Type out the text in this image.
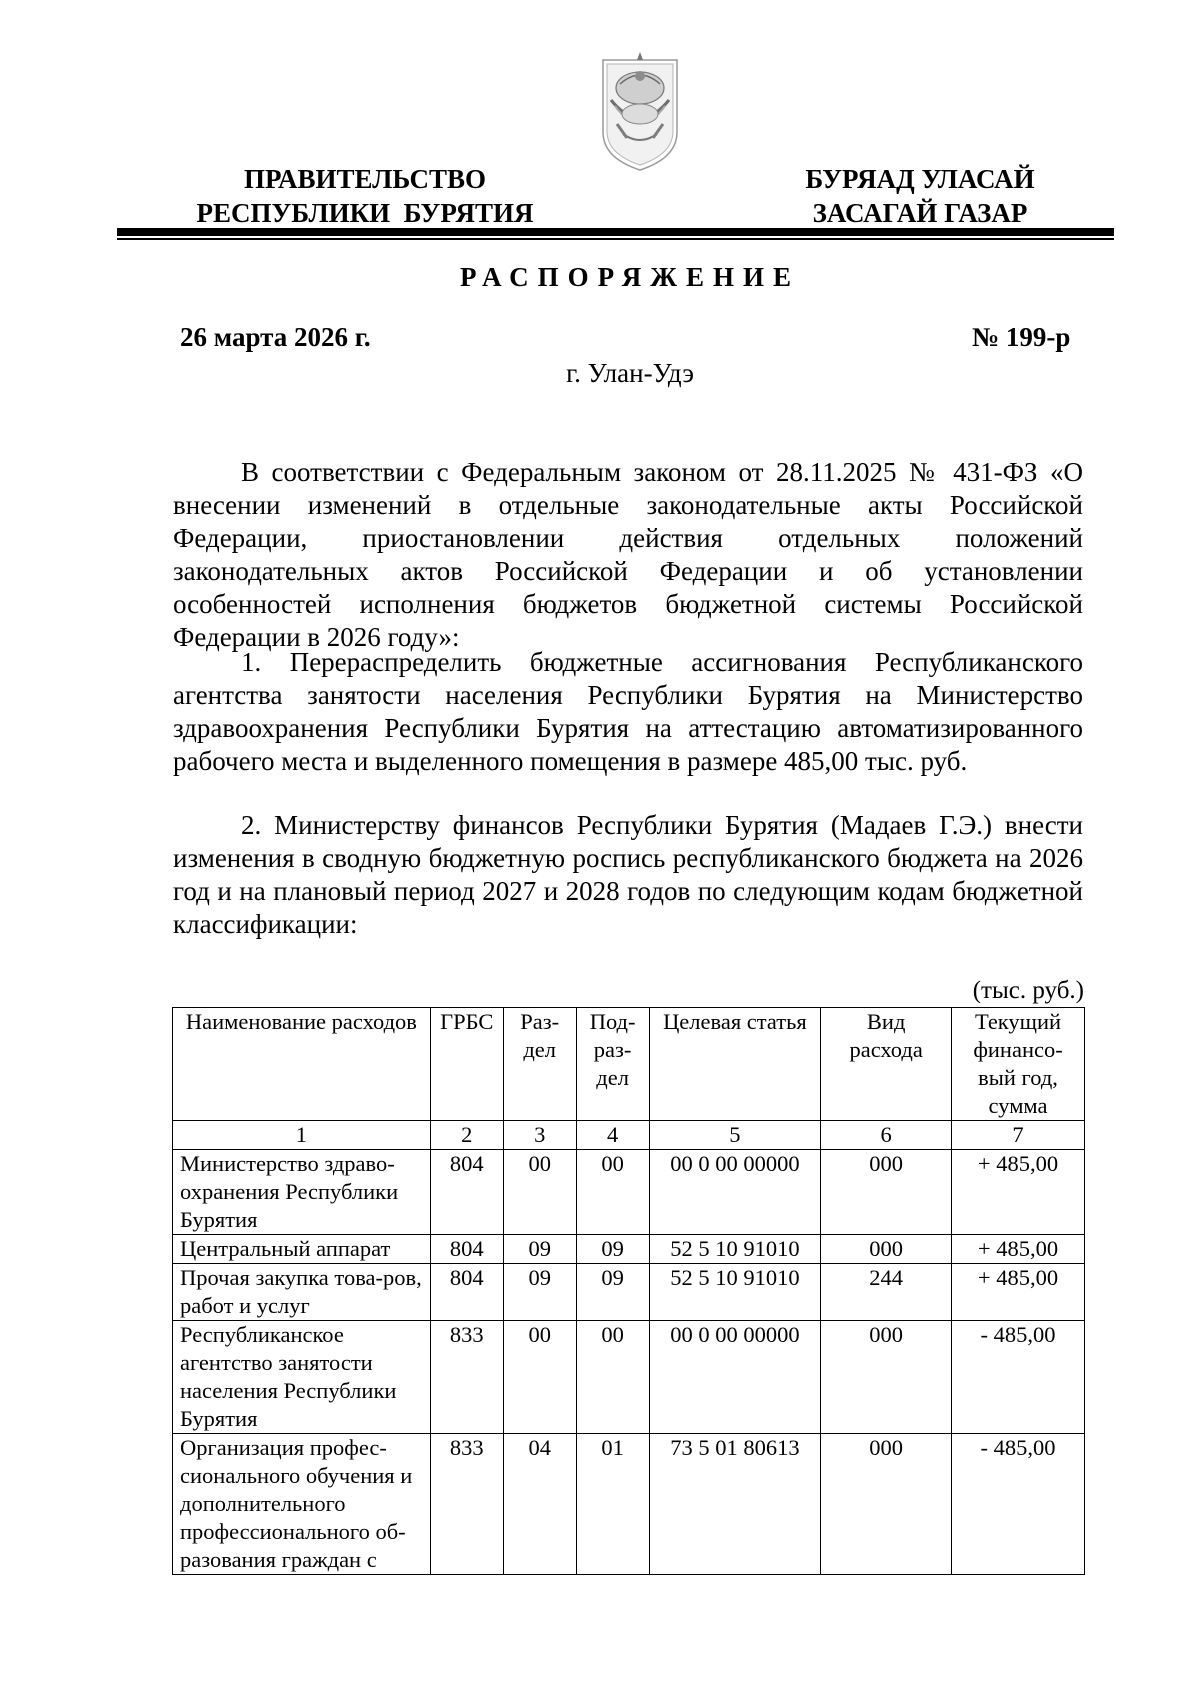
ПРАВИТЕЛЬСТВО
РЕСПУБЛИКИ  БУРЯТИЯ
БУРЯАД УЛАСАЙ
ЗАСАГАЙ ГАЗАР
РАСПОРЯЖЕНИЕ
26 марта 2026 г.	№ 199-р
г. Улан-Удэ

В соответствии с Федеральным законом от 28.11.2025 № 431-ФЗ «О внесении изменений в отдельные законодательные акты Российской Федерации, приостановлении действия отдельных положений законодательных актов Российской Федерации и об установлении особенностей исполнения бюджетов бюджетной системы Российской Федерации в 2026 году»:

1. Перераспределить бюджетные ассигнования Республиканского агентства занятости населения Республики Бурятия на Министерство здравоохранения Республики Бурятия на аттестацию автоматизированного рабочего места и выделенного помещения в размере 485,00 тыс. руб.

2. Министерству финансов Республики Бурятия (Мадаев Г.Э.) внести изменения в сводную бюджетную роспись республиканского бюджета на 2026 год и на плановый период 2027 и 2028 годов по следующим кодам бюджетной классификации:

(тыс. руб.)
Наименование расходов	ГРБС	Раз-дел	Под-раз-дел	Целевая статья	Вид расхода	Текущий финансо-вый год, сумма
1	2	3	4	5	6	7
Министерство здраво-охранения Республики Бурятия	804	00	00	00 0 00 00000	000	+ 485,00
Центральный аппарат	804	09	09	52 5 10 91010	000	+ 485,00
Прочая закупка това-ров, работ и услуг	804	09	09	52 5 10 91010	244	+ 485,00
Республиканское агентство занятости населения Республики Бурятия	833	00	00	00 0 00 00000	000	- 485,00
Организация профес-сионального обучения и дополнительного профессионального об-разования граждан с	833	04	01	73 5 01 80613	000	- 485,00
